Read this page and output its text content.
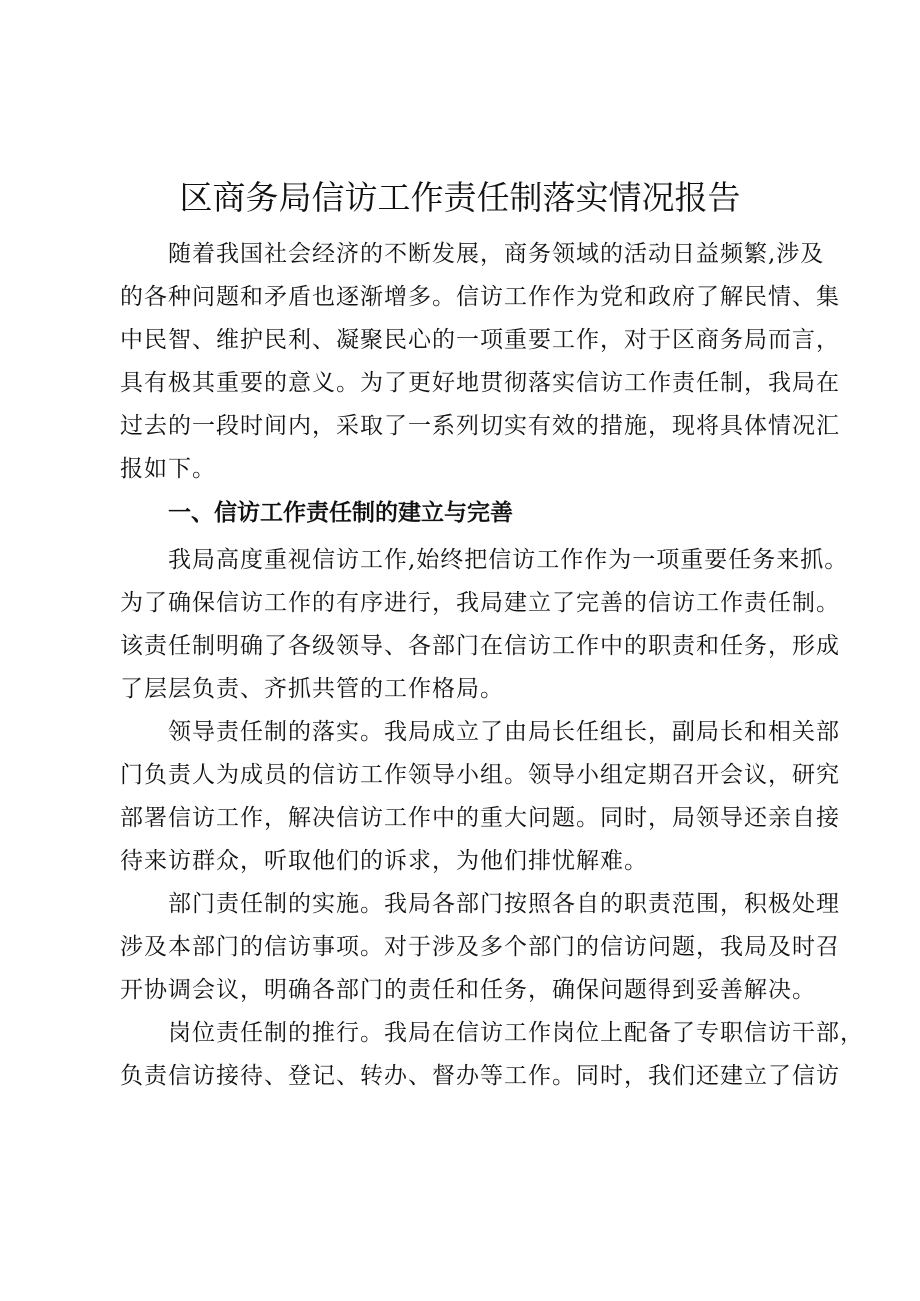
区商务局信访工作责任制落实情况报告
随着我国社会经济的不断发展，商务领域的活动日益频繁,涉及
的各种问题和矛盾也逐渐增多。信访工作作为党和政府了解民情、集
中民智、维护民利、凝聚民心的一项重要工作，对于区商务局而言，
具有极其重要的意义。为了更好地贯彻落实信访工作责任制，我局在
过去的一段时间内，采取了一系列切实有效的措施，现将具体情况汇
报如下。
一、信访工作责任制的建立与完善
我局高度重视信访工作,始终把信访工作作为一项重要任务来抓。
为了确保信访工作的有序进行，我局建立了完善的信访工作责任制。
该责任制明确了各级领导、各部门在信访工作中的职责和任务，形成
了层层负责、齐抓共管的工作格局。
领导责任制的落实。我局成立了由局长任组长，副局长和相关部
门负责人为成员的信访工作领导小组。领导小组定期召开会议，研究
部署信访工作，解决信访工作中的重大问题。同时，局领导还亲自接
待来访群众，听取他们的诉求，为他们排忧解难。
部门责任制的实施。我局各部门按照各自的职责范围，积极处理
涉及本部门的信访事项。对于涉及多个部门的信访问题，我局及时召
开协调会议，明确各部门的责任和任务，确保问题得到妥善解决。
岗位责任制的推行。我局在信访工作岗位上配备了专职信访干部，
负责信访接待、登记、转办、督办等工作。同时，我们还建立了信访
